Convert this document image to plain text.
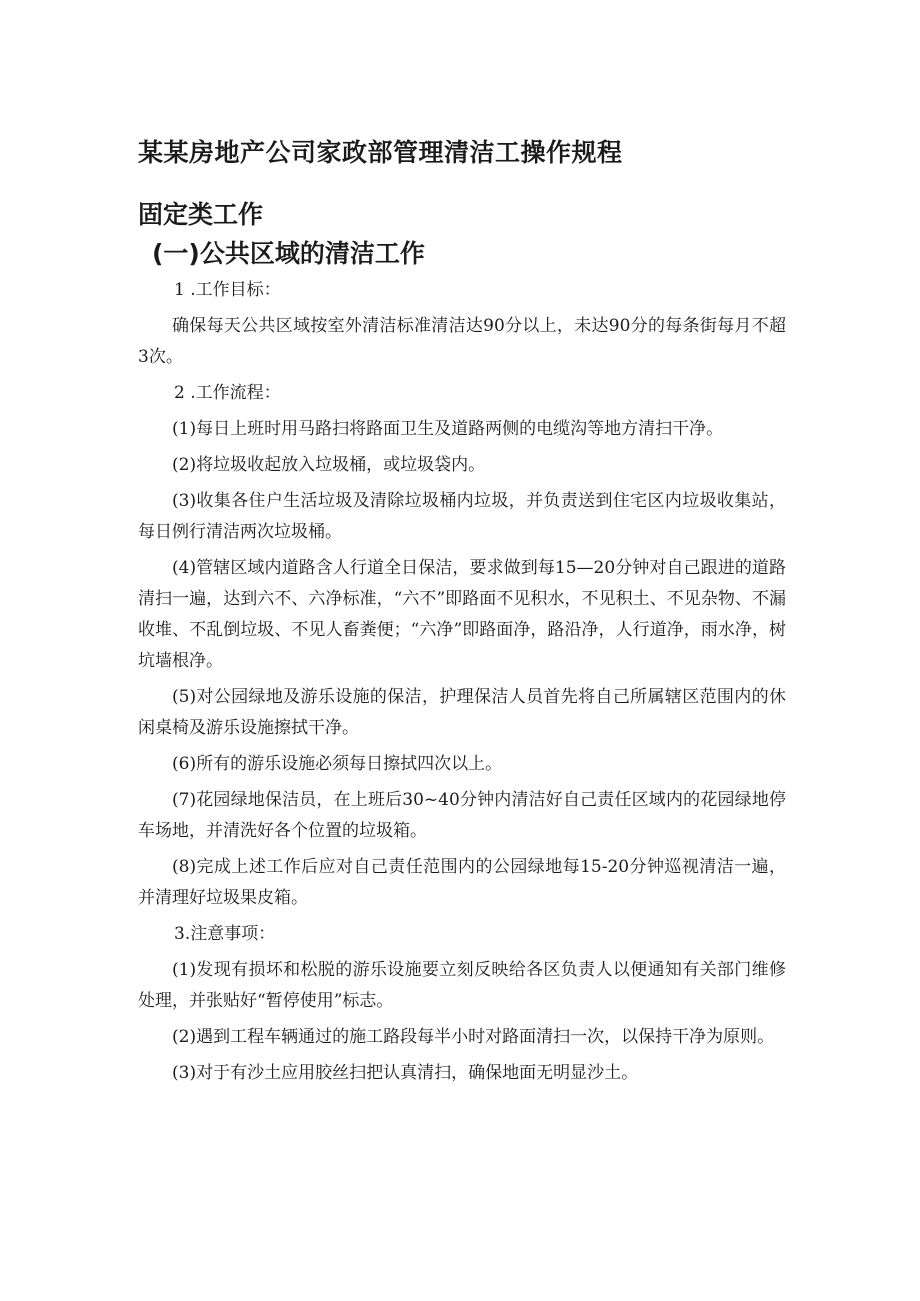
某某房地产公司家政部管理清洁工操作规程
固定类工作
(一)公共区域的清洁工作

1 .工作目标：

确保每天公共区域按室外清洁标准清洁达90分以上，未达90分的每条街每月不超3次。

2 .工作流程：

(1)每日上班时用马路扫将路面卫生及道路两侧的电缆沟等地方清扫干净。

(2)将垃圾收起放入垃圾桶，或垃圾袋内。

(3)收集各住户生活垃圾及清除垃圾桶内垃圾，并负责送到住宅区内垃圾收集站，每日例行清洁两次垃圾桶。

(4)管辖区域内道路含人行道全日保洁，要求做到每15—20分钟对自己跟进的道路清扫一遍，达到六不、六净标准，“六不”即路面不见积水，不见积土、不见杂物、不漏收堆、不乱倒垃圾、不见人畜粪便；“六净”即路面净，路沿净，人行道净，雨水净，树坑墙根净。

(5)对公园绿地及游乐设施的保洁，护理保洁人员首先将自己所属辖区范围内的休闲桌椅及游乐设施擦拭干净。

(6)所有的游乐设施必须每日擦拭四次以上。

(7)花园绿地保洁员，在上班后30~40分钟内清洁好自己责任区域内的花园绿地停车场地，并清洗好各个位置的垃圾箱。

(8)完成上述工作后应对自己责任范围内的公园绿地每15-20分钟巡视清洁一遍，并清理好垃圾果皮箱。

3.注意事项：

(1)发现有损坏和松脱的游乐设施要立刻反映给各区负责人以便通知有关部门维修处理，并张贴好“暂停使用”标志。

(2)遇到工程车辆通过的施工路段每半小时对路面清扫一次，以保持干净为原则。

(3)对于有沙土应用胶丝扫把认真清扫，确保地面无明显沙土。
